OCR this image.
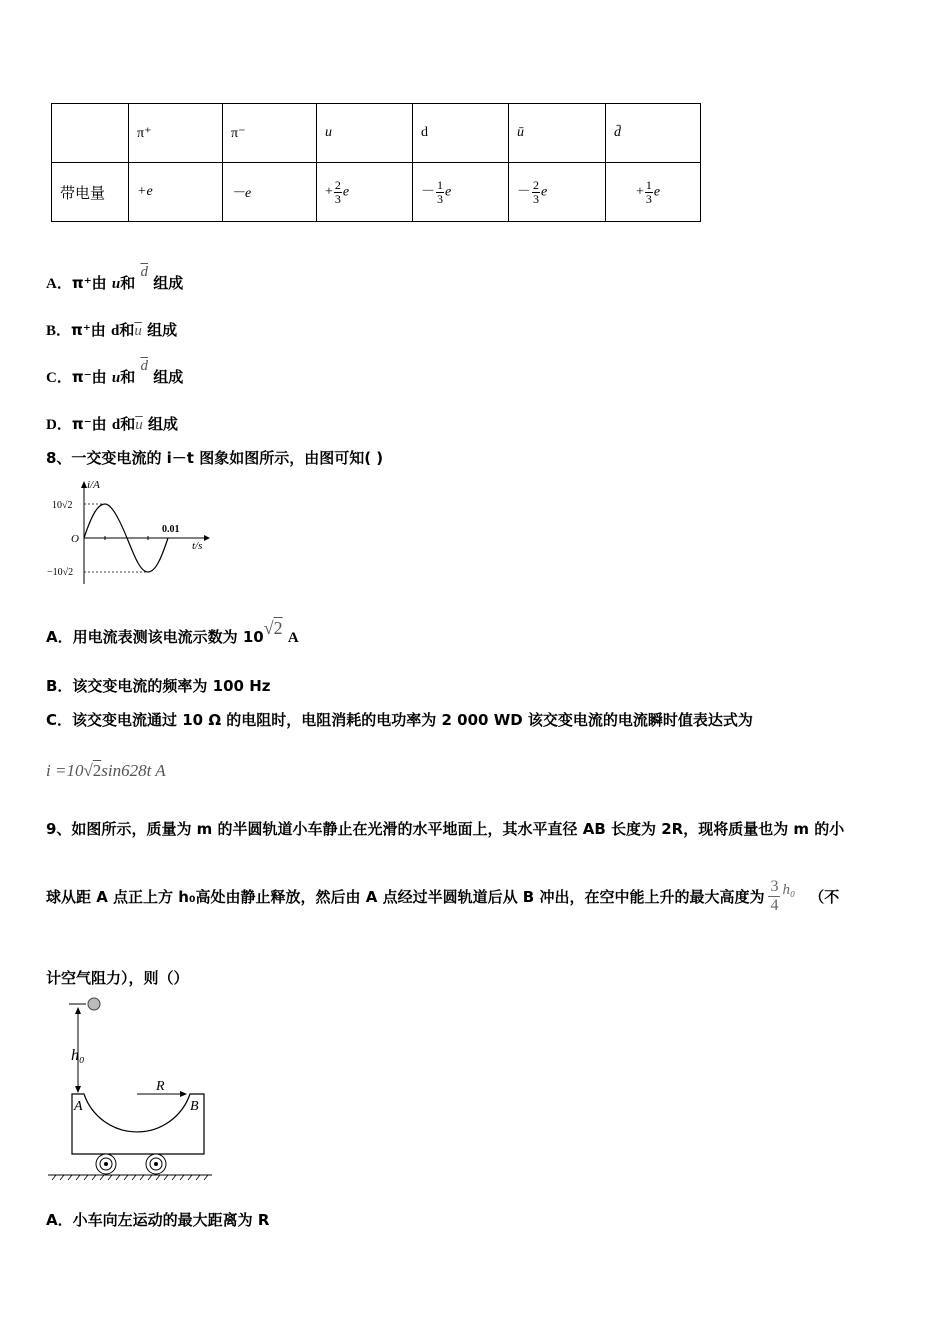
	π⁺	π⁻	u	d	ū	d̄
带电量	+e	－e	+ $\frac{2}{3}$ e	－ $\frac{1}{3}$ e	－ $\frac{2}{3}$ e	+ $\frac{1}{3}$ e
A．π⁺由 u和 $\overline{d}$ 组成
B．π⁺由 d和$\overline{u}$ 组成
C．π⁻由 u和 $\overline{d}$ 组成
D．π⁻由 d和$\overline{u}$ 组成
8、一交变电流的 i－t 图象如图所示，由图可知( )
i/A
t/s
O
10√2
−10√2
0.01
A．用电流表测该电流示数为 10√2 A
B．该交变电流的频率为 100 Hz
C．该交变电流通过 10 Ω 的电阻时，电阻消耗的电功率为 2 000 WD 该交变电流的电流瞬时值表达式为
i =10√2sin628t A
9、如图所示，质量为 m 的半圆轨道小车静止在光滑的水平地面上，其水平直径 AB 长度为 2R，现将质量也为 m 的小
球从距 A 点正上方 h₀高处由静止释放，然后由 A 点经过半圆轨道后从 B 冲出，在空中能上升的最大高度为 $\frac{3}{4} h_0$ （不
计空气阻力），则（）
h₀
A	B
R
A．小车向左运动的最大距离为 R
